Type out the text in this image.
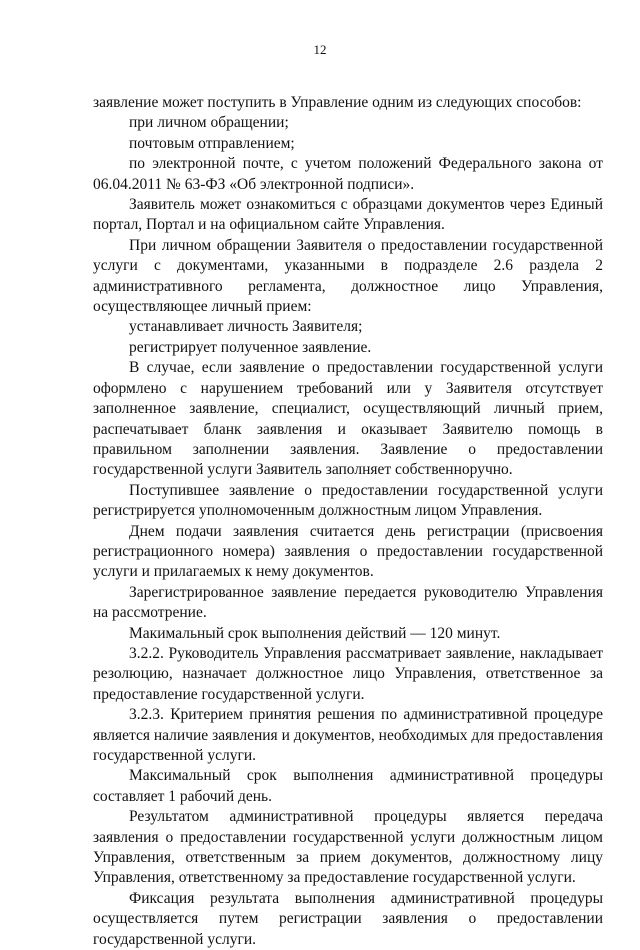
12

заявление может поступить в Управление одним из следующих способов:

при личном обращении;

почтовым отправлением;

по электронной почте, с учетом положений Федерального закона от 06.04.2011 № 63-ФЗ «Об электронной подписи».

Заявитель может ознакомиться с образцами документов через Единый портал, Портал и на официальном сайте Управления.

При личном обращении Заявителя о предоставлении государственной услуги с документами, указанными в подразделе 2.6 раздела 2 административного регламента, должностное лицо Управления, осуществляющее личный прием:

устанавливает личность Заявителя;

регистрирует полученное заявление.

В случае, если заявление о предоставлении государственной услуги оформлено с нарушением требований или у Заявителя отсутствует заполненное заявление, специалист, осуществляющий личный прием, распечатывает бланк заявления и оказывает Заявителю помощь в правильном заполнении заявления. Заявление о предоставлении государственной услуги Заявитель заполняет собственноручно.

Поступившее заявление о предоставлении государственной услуги регистрируется уполномоченным должностным лицом Управления.

Днем подачи заявления считается день регистрации (присвоения регистрационного номера) заявления о предоставлении государственной услуги и прилагаемых к нему документов.

Зарегистрированное заявление передается руководителю Управления на рассмотрение.

Макимальный срок выполнения действий — 120 минут.

3.2.2. Руководитель Управления рассматривает заявление, накладывает резолюцию, назначает должностное лицо Управления, ответственное за предоставление государственной услуги.

3.2.3. Критерием принятия решения по административной процедуре является наличие заявления и документов, необходимых для предоставления государственной услуги.

Максимальный срок выполнения административной процедуры составляет 1 рабочий день.

Результатом административной процедуры является передача заявления о предоставлении государственной услуги должностным лицом Управления, ответственным за прием документов, должностному лицу Управления, ответственному за предоставление государственной услуги.

Фиксация результата выполнения административной процедуры осуществляется путем регистрации заявления о предоставлении государственной услуги.
